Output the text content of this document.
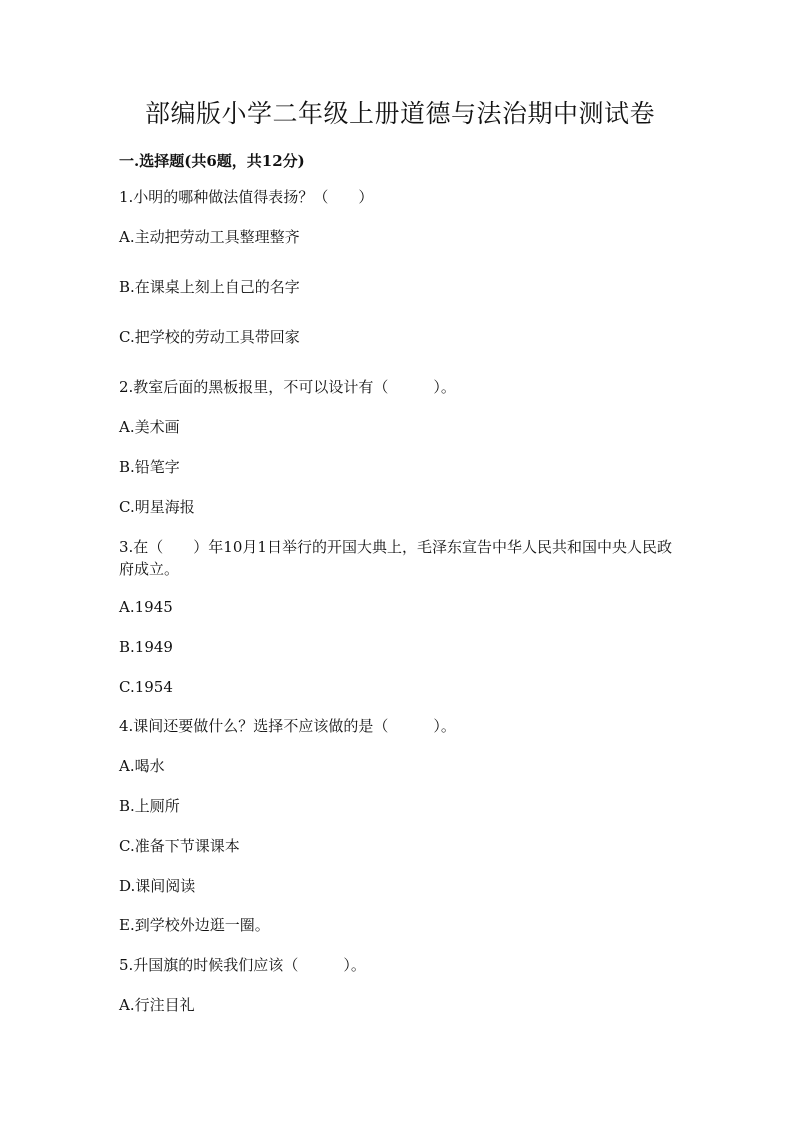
部编版小学二年级上册道德与法治期中测试卷

一.选择题(共6题，共12分)

1.小明的哪种做法值得表扬？（　　）

A.主动把劳动工具整理整齐

B.在课桌上刻上自己的名字

C.把学校的劳动工具带回家

2.教室后面的黑板报里，不可以设计有（　　　）。

A.美术画

B.铅笔字

C.明星海报

3.在（　　）年10月1日举行的开国大典上，毛泽东宣告中华人民共和国中央人民政府成立。

A.1945

B.1949

C.1954

4.课间还要做什么？选择不应该做的是（　　　）。

A.喝水

B.上厕所

C.准备下节课课本

D.课间阅读

E.到学校外边逛一圈。

5.升国旗的时候我们应该（　　　）。

A.行注目礼
